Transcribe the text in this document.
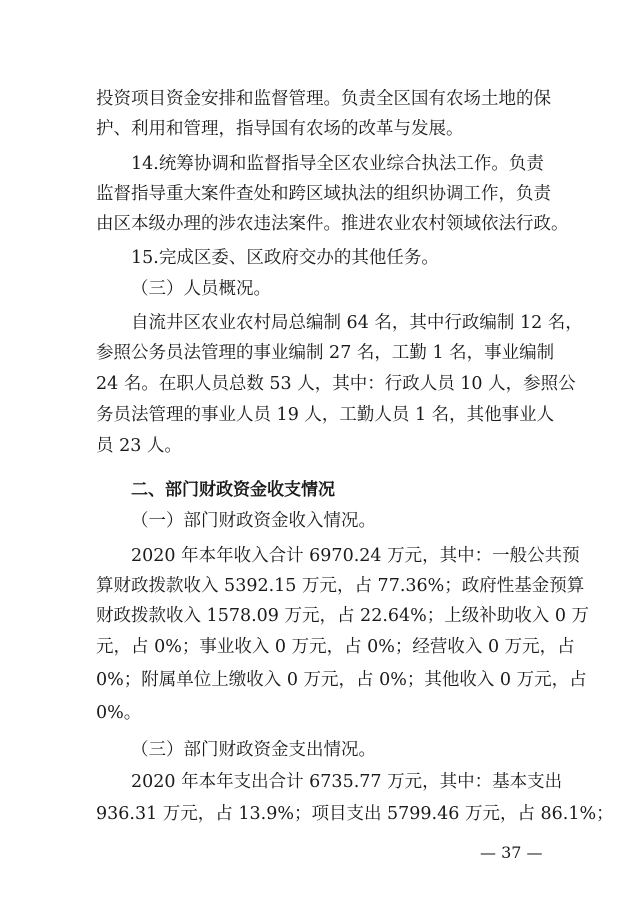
投资项目资金安排和监督管理。负责全区国有农场土地的保
护、利用和管理，指导国有农场的改革与发展。
14.统筹协调和监督指导全区农业综合执法工作。负责
监督指导重大案件查处和跨区域执法的组织协调工作，负责
由区本级办理的涉农违法案件。推进农业农村领域依法行政。
15.完成区委、区政府交办的其他任务。
（三）人员概况。
自流井区农业农村局总编制 64 名，其中行政编制 12 名，
参照公务员法管理的事业编制 27 名，工勤 1 名，事业编制
24 名。在职人员总数 53 人，其中：行政人员 10 人，参照公
务员法管理的事业人员 19 人，工勤人员 1 名，其他事业人
员 23 人。
二、部门财政资金收支情况
（一）部门财政资金收入情况。
2020 年本年收入合计 6970.24 万元，其中：一般公共预
算财政拨款收入 5392.15 万元，占 77.36%；政府性基金预算
财政拨款收入 1578.09 万元，占 22.64%；上级补助收入 0 万
元，占 0%；事业收入 0 万元，占 0%；经营收入 0 万元，占
0%；附属单位上缴收入 0 万元，占 0%；其他收入 0 万元，占
0%。
（三）部门财政资金支出情况。
2020 年本年支出合计 6735.77 万元，其中：基本支出
936.31 万元，占 13.9%；项目支出 5799.46 万元，占 86.1%；
— 37 —
